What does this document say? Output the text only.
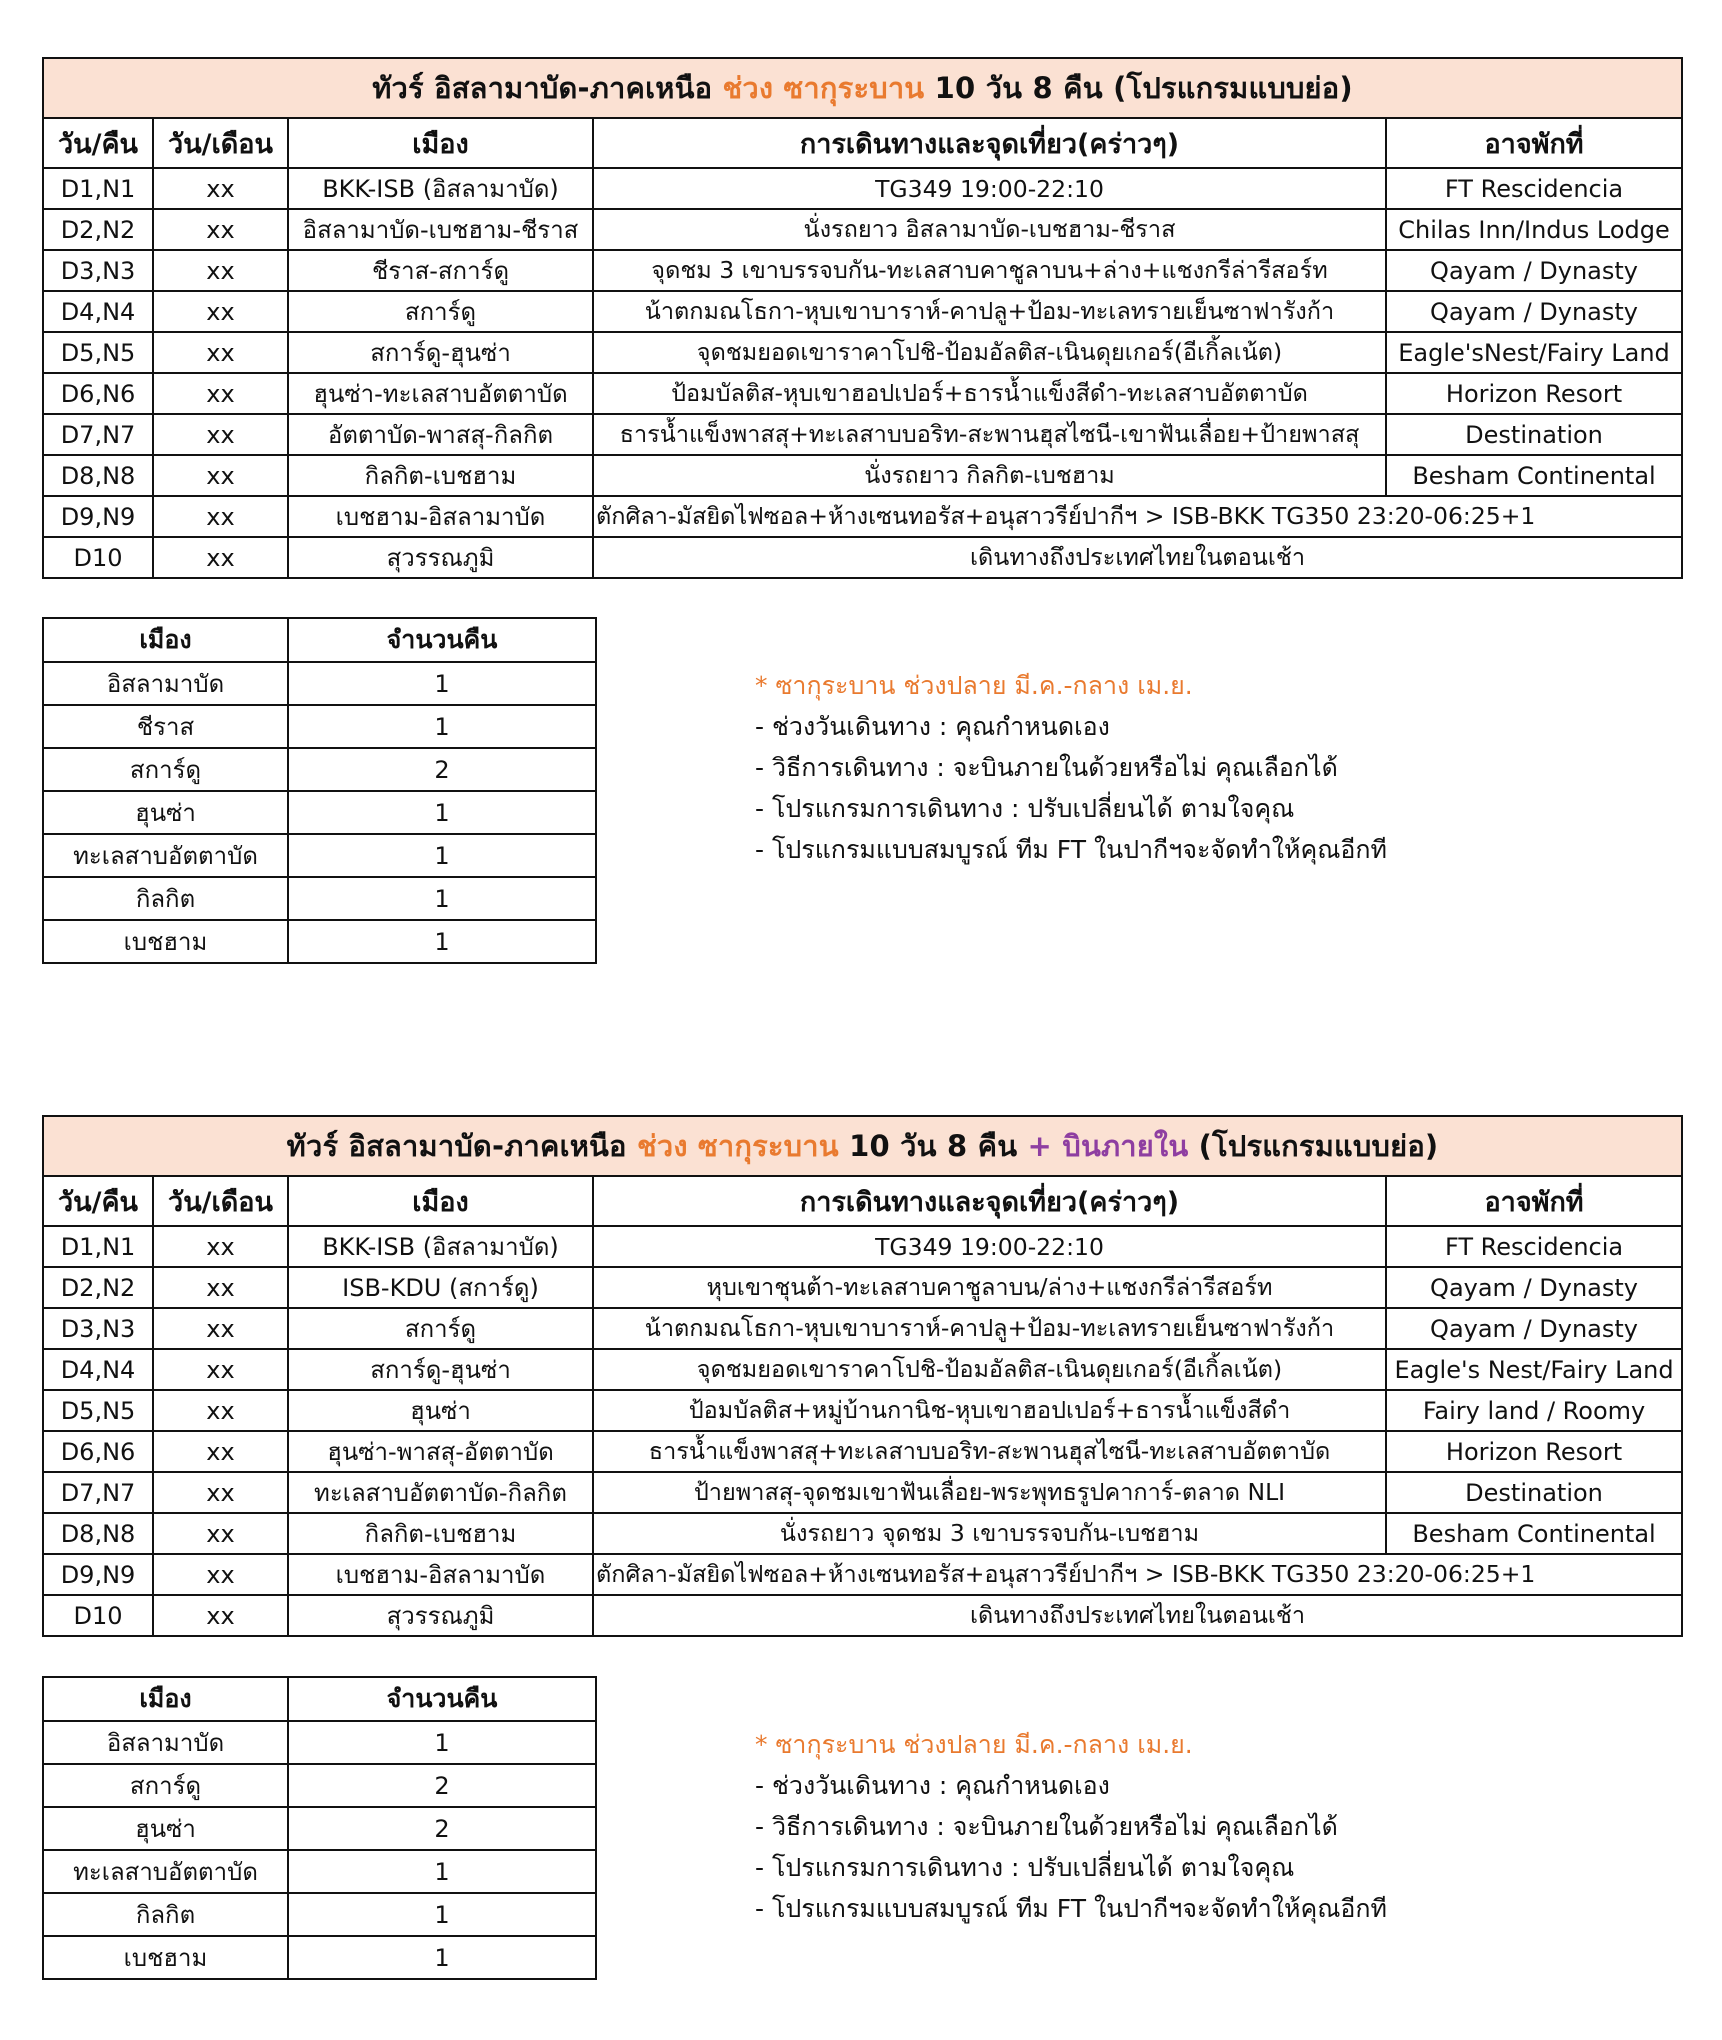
ทัวร์ อิสลามาบัด-ภาคเหนือ ช่วง ซากุระบาน 10 วัน 8 คืน (โปรแกรมแบบย่อ)				
วัน/คืน	วัน/เดือน	เมือง	การเดินทางและจุดเที่ยว(คร่าวๆ)	อาจพักที่
D1,N1	xx	BKK-ISB (อิสลามาบัด)	TG349 19:00-22:10	FT Rescidencia
D2,N2	xx	อิสลามาบัด-เบชฮาม-ชีราส	นั่งรถยาว อิสลามาบัด-เบชฮาม-ชีราส	Chilas Inn/Indus Lodge
D3,N3	xx	ชีราส-สการ์ดู	จุดชม 3 เขาบรรจบกัน-ทะเลสาบคาชูลาบน+ล่าง+แชงกรีล่ารีสอร์ท	Qayam / Dynasty
D4,N4	xx	สการ์ดู	น้าตกมณโธกา-หุบเขาบาราห์-คาปลู+ป้อม-ทะเลทรายเย็นซาฟารังก้า	Qayam / Dynasty
D5,N5	xx	สการ์ดู-ฮุนซ่า	จุดชมยอดเขาราคาโปชิ-ป้อมอัลติส-เนินดุยเกอร์(อีเกิ้ลเน้ต)	Eagle'sNest/Fairy Land
D6,N6	xx	ฮุนซ่า-ทะเลสาบอัตตาบัด	ป้อมบัลติส-หุบเขาฮอปเปอร์+ธารน้ำแข็งสีดำ-ทะเลสาบอัตตาบัด	Horizon Resort
D7,N7	xx	อัตตาบัด-พาสสุ-กิลกิต	ธารน้ำแข็งพาสสุ+ทะเลสาบบอริท-สะพานฮุสไซนี-เขาฟันเลื่อย+ป้ายพาสสุ	Destination
D8,N8	xx	กิลกิต-เบชฮาม	นั่งรถยาว กิลกิต-เบชฮาม	Besham Continental
D9,N9	xx	เบชฮาม-อิสลามาบัด	ตักศิลา-มัสยิดไฟซอล+ห้างเซนทอรัส+อนุสาวรีย์ปากีฯ > ISB-BKK TG350 23:20-06:25+1	
D10	xx	สุวรรณภูมิ	เดินทางถึงประเทศไทยในตอนเช้า	
เมือง	จำนวนคืน
อิสลามาบัด	1
ชีราส	1
สการ์ดู	2
ฮุนซ่า	1
ทะเลสาบอัตตาบัด	1
กิลกิต	1
เบชฮาม	1
* ซากุระบาน ช่วงปลาย มี.ค.-กลาง เม.ย.
- ช่วงวันเดินทาง : คุณกำหนดเอง
- วิธีการเดินทาง : จะบินภายในด้วยหรือไม่ คุณเลือกได้
- โปรแกรมการเดินทาง : ปรับเปลี่ยนได้ ตามใจคุณ
- โปรแกรมแบบสมบูรณ์ ทีม FT ในปากีฯจะจัดทำให้คุณอีกที
ทัวร์ อิสลามาบัด-ภาคเหนือ ช่วง ซากุระบาน 10 วัน 8 คืน + บินภายใน (โปรแกรมแบบย่อ)				
วัน/คืน	วัน/เดือน	เมือง	การเดินทางและจุดเที่ยว(คร่าวๆ)	อาจพักที่
D1,N1	xx	BKK-ISB (อิสลามาบัด)	TG349 19:00-22:10	FT Rescidencia
D2,N2	xx	ISB-KDU (สการ์ดู)	หุบเขาชุนต้า-ทะเลสาบคาชูลาบน/ล่าง+แชงกรีล่ารีสอร์ท	Qayam / Dynasty
D3,N3	xx	สการ์ดู	น้าตกมณโธกา-หุบเขาบาราห์-คาปลู+ป้อม-ทะเลทรายเย็นซาฟารังก้า	Qayam / Dynasty
D4,N4	xx	สการ์ดู-ฮุนซ่า	จุดชมยอดเขาราคาโปชิ-ป้อมอัลติส-เนินดุยเกอร์(อีเกิ้ลเน้ต)	Eagle's Nest/Fairy Land
D5,N5	xx	ฮุนซ่า	ป้อมบัลติส+หมู่บ้านกานิช-หุบเขาฮอปเปอร์+ธารน้ำแข็งสีดำ	Fairy land / Roomy
D6,N6	xx	ฮุนซ่า-พาสสุ-อัตตาบัด	ธารน้ำแข็งพาสสุ+ทะเลสาบบอริท-สะพานฮุสไซนี-ทะเลสาบอัตตาบัด	Horizon Resort
D7,N7	xx	ทะเลสาบอัตตาบัด-กิลกิต	ป้ายพาสสุ-จุดชมเขาฟันเลื่อย-พระพุทธรูปคาการ์-ตลาด NLI	Destination
D8,N8	xx	กิลกิต-เบชฮาม	นั่งรถยาว จุดชม 3 เขาบรรจบกัน-เบชฮาม	Besham Continental
D9,N9	xx	เบชฮาม-อิสลามาบัด	ตักศิลา-มัสยิดไฟซอล+ห้างเซนทอรัส+อนุสาวรีย์ปากีฯ > ISB-BKK TG350 23:20-06:25+1	
D10	xx	สุวรรณภูมิ	เดินทางถึงประเทศไทยในตอนเช้า	
เมือง	จำนวนคืน
อิสลามาบัด	1
สการ์ดู	2
ฮุนซ่า	2
ทะเลสาบอัตตาบัด	1
กิลกิต	1
เบชฮาม	1
* ซากุระบาน ช่วงปลาย มี.ค.-กลาง เม.ย.
- ช่วงวันเดินทาง : คุณกำหนดเอง
- วิธีการเดินทาง : จะบินภายในด้วยหรือไม่ คุณเลือกได้
- โปรแกรมการเดินทาง : ปรับเปลี่ยนได้ ตามใจคุณ
- โปรแกรมแบบสมบูรณ์ ทีม FT ในปากีฯจะจัดทำให้คุณอีกที
